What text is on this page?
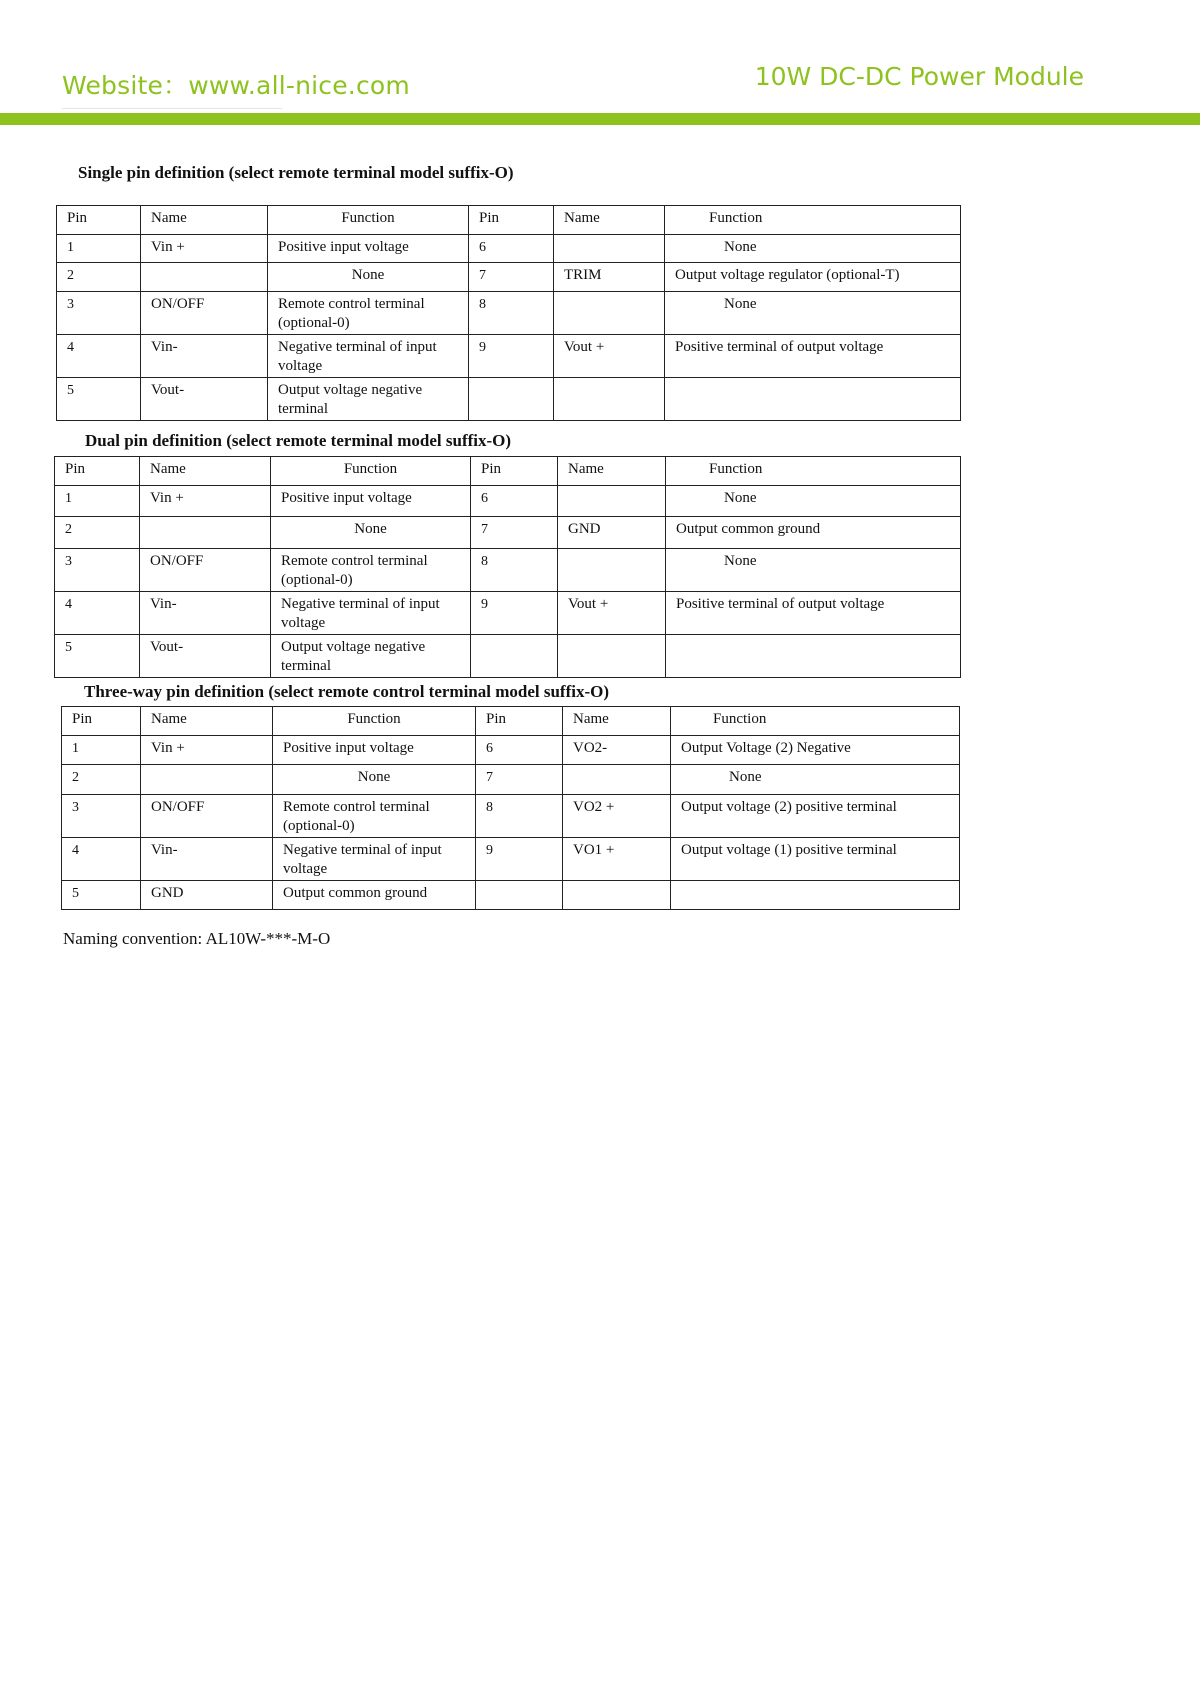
Website：www.all-nice.com	10W DC-DC Power Module
Single pin definition (select remote terminal model suffix-O)
Pin	Name	Function	Pin	Name	Function
1	Vin +	Positive input voltage	6		None
2		None	7	TRIM	Output voltage regulator (optional-T)
3	ON/OFF	Remote control terminal (optional-0)	8		None
4	Vin-	Negative terminal of input voltage	9	Vout +	Positive terminal of output voltage
5	Vout-	Output voltage negative terminal			
Dual pin definition (select remote terminal model suffix-O)
Pin	Name	Function	Pin	Name	Function
1	Vin +	Positive input voltage	6		None
2		None	7	GND	Output common ground
3	ON/OFF	Remote control terminal (optional-0)	8		None
4	Vin-	Negative terminal of input voltage	9	Vout +	Positive terminal of output voltage
5	Vout-	Output voltage negative terminal			
Three-way pin definition (select remote control terminal model suffix-O)
Pin	Name	Function	Pin	Name	Function
1	Vin +	Positive input voltage	6	VO2-	Output Voltage (2) Negative
2		None	7		None
3	ON/OFF	Remote control terminal (optional-0)	8	VO2 +	Output voltage (2) positive terminal
4	Vin-	Negative terminal of input voltage	9	VO1 +	Output voltage (1) positive terminal
5	GND	Output common ground			
Naming convention: AL10W-***-M-O
